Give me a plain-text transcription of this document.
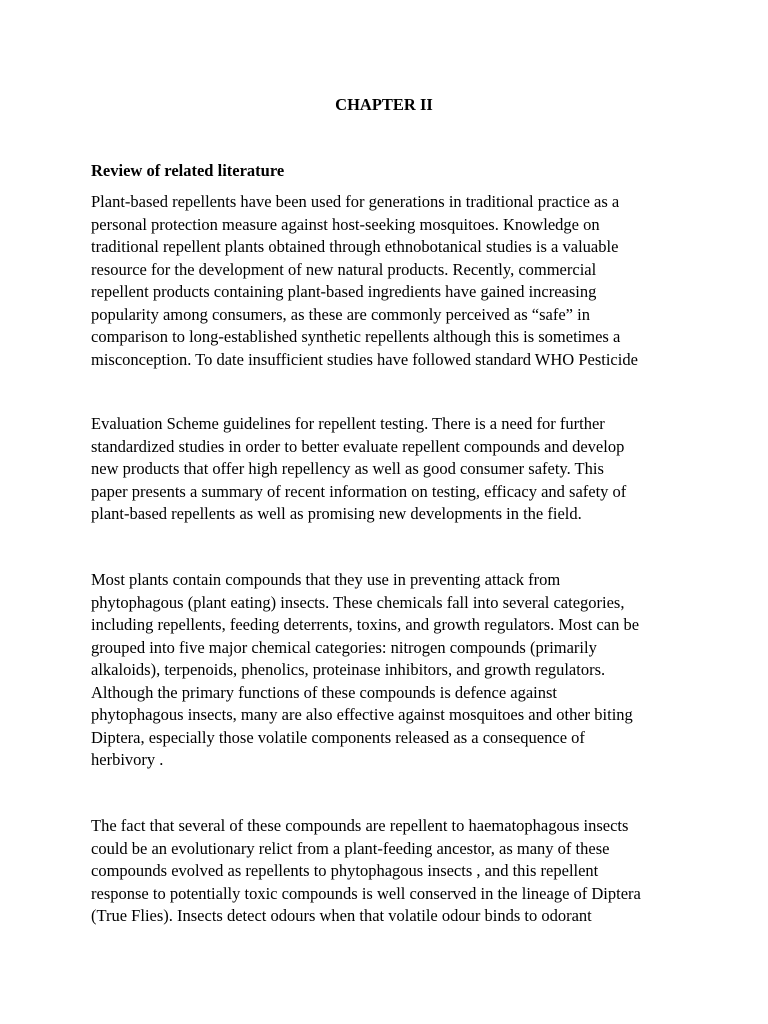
CHAPTER II
Review of related literature

Plant-based repellents have been used for generations in traditional practice as a
personal protection measure against host-seeking mosquitoes. Knowledge on
traditional repellent plants obtained through ethnobotanical studies is a valuable
resource for the development of new natural products. Recently, commercial
repellent products containing plant-based ingredients have gained increasing
popularity among consumers, as these are commonly perceived as “safe” in
comparison to long-established synthetic repellents although this is sometimes a
misconception. To date insufficient studies have followed standard WHO Pesticide

Evaluation Scheme guidelines for repellent testing. There is a need for further
standardized studies in order to better evaluate repellent compounds and develop
new products that offer high repellency as well as good consumer safety. This
paper presents a summary of recent information on testing, efficacy and safety of
plant-based repellents as well as promising new developments in the field.

Most plants contain compounds that they use in preventing attack from
phytophagous (plant eating) insects. These chemicals fall into several categories,
including repellents, feeding deterrents, toxins, and growth regulators. Most can be
grouped into five major chemical categories: nitrogen compounds (primarily
alkaloids), terpenoids, phenolics, proteinase inhibitors, and growth regulators.
Although the primary functions of these compounds is defence against
phytophagous insects, many are also effective against mosquitoes and other biting
Diptera, especially those volatile components released as a consequence of
herbivory .

The fact that several of these compounds are repellent to haematophagous insects
could be an evolutionary relict from a plant-feeding ancestor, as many of these
compounds evolved as repellents to phytophagous insects , and this repellent
response to potentially toxic compounds is well conserved in the lineage of Diptera
(True Flies). Insects detect odours when that volatile odour binds to odorant
